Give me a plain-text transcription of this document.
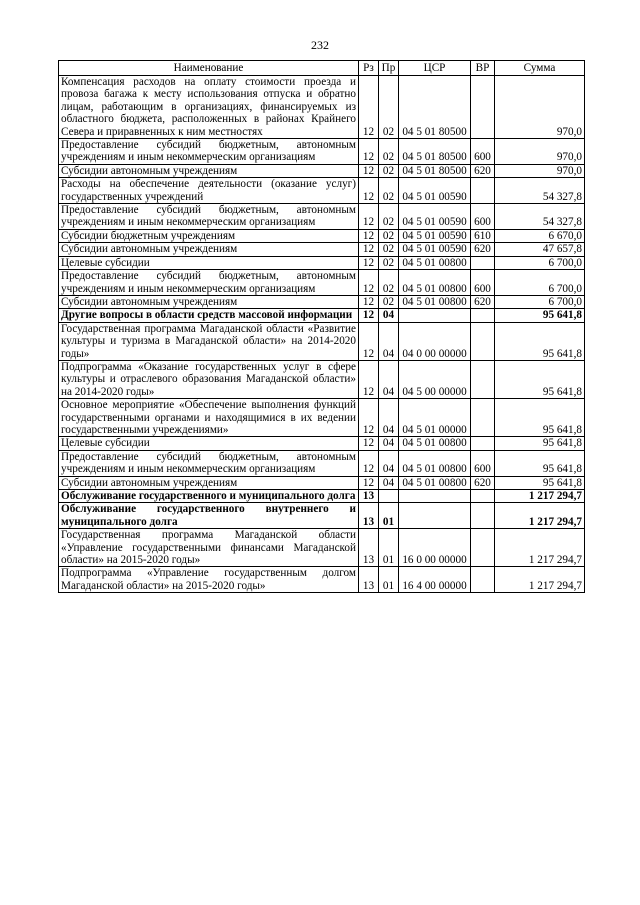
232
Наименование	Рз	Пр	ЦСР	ВР	Сумма
Компенсация расходов на оплату стоимости проезда и провоза багажа к месту использования отпуска и обратно лицам, работающим в организациях, финансируемых из областного бюджета, расположенных в районах Крайнего Севера и приравненных к ним местностях	12	02	04 5 01 80500		970,0
Предоставление субсидий бюджетным, автономным учреждениям и иным некоммерческим организациям	12	02	04 5 01 80500	600	970,0
Субсидии автономным учреждениям	12	02	04 5 01 80500	620	970,0
Расходы на обеспечение деятельности (оказание услуг) государственных учреждений	12	02	04 5 01 00590		54 327,8
Предоставление субсидий бюджетным, автономным учреждениям и иным некоммерческим организациям	12	02	04 5 01 00590	600	54 327,8
Субсидии бюджетным учреждениям	12	02	04 5 01 00590	610	6 670,0
Субсидии автономным учреждениям	12	02	04 5 01 00590	620	47 657,8
Целевые субсидии	12	02	04 5 01 00800		6 700,0
Предоставление субсидий бюджетным, автономным учреждениям и иным некоммерческим организациям	12	02	04 5 01 00800	600	6 700,0
Субсидии автономным учреждениям	12	02	04 5 01 00800	620	6 700,0
Другие вопросы в области средств массовой информации	12	04			95 641,8
Государственная программа Магаданской области «Развитие культуры и туризма в Магаданской области» на 2014-2020 годы»	12	04	04 0 00 00000		95 641,8
Подпрограмма «Оказание государственных услуг в сфере культуры и отраслевого образования Магаданской области» на 2014-2020 годы»	12	04	04 5 00 00000		95 641,8
Основное мероприятие «Обеспечение выполнения функций государственными органами и находящимися в их ведении государственными учреждениями»	12	04	04 5 01 00000		95 641,8
Целевые субсидии	12	04	04 5 01 00800		95 641,8
Предоставление субсидий бюджетным, автономным учреждениям и иным некоммерческим организациям	12	04	04 5 01 00800	600	95 641,8
Субсидии автономным учреждениям	12	04	04 5 01 00800	620	95 641,8
Обслуживание государственного и муниципального долга	13				1 217 294,7
Обслуживание государственного внутреннего и муниципального долга	13	01			1 217 294,7
Государственная программа Магаданской области «Управление государственными финансами Магаданской области» на 2015-2020 годы»	13	01	16 0 00 00000		1 217 294,7
Подпрограмма «Управление государственным долгом Магаданской области» на 2015-2020 годы»	13	01	16 4 00 00000		1 217 294,7
